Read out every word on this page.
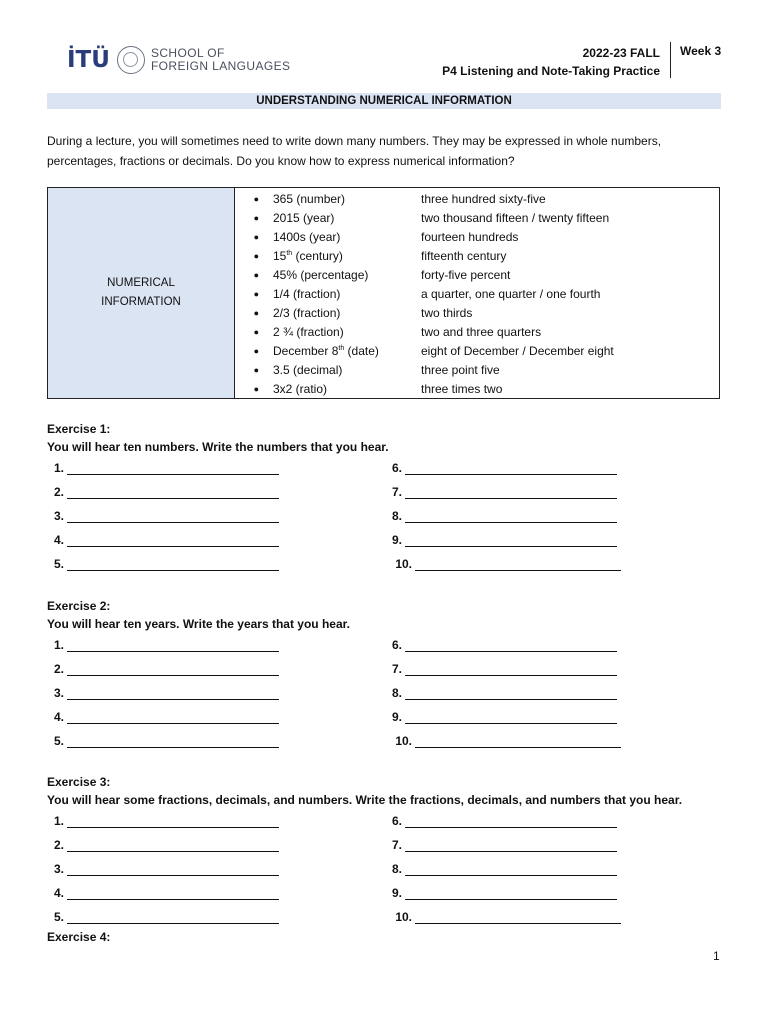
İTÜ	SCHOOL OF
FOREIGN LANGUAGES
2022-23 FALL
P4 Listening and Note-Taking Practice
Week 3
UNDERSTANDING NUMERICAL INFORMATION
During a lecture, you will sometimes need to write down many numbers. They may be expressed in whole numbers, percentages, fractions or decimals. Do you know how to express numerical information?
NUMERICAL
INFORMATION
●	365 (number)	three hundred sixty-five
●	2015 (year)	two thousand fifteen / twenty fifteen
●	1400s (year)	fourteen hundreds
●	15th (century)	fifteenth century
●	45% (percentage)	forty-five percent
●	1/4 (fraction)	a quarter, one quarter / one fourth
●	2/3 (fraction)	two thirds
●	2 ¾ (fraction)	two and three quarters
●	December 8th (date)	eight of December / December eight
●	3.5 (decimal)	three point five
●	3x2 (ratio)	three times two
Exercise 1:
You will hear ten numbers. Write the numbers that you hear.
1.
2.
3.
4.
5.
6.
7.
8.
9.
10.
Exercise 2:
You will hear ten years. Write the years that you hear.
1.
2.
3.
4.
5.
6.
7.
8.
9.
10.
Exercise 3:
You will hear some fractions, decimals, and numbers. Write the fractions, decimals, and numbers that you hear.
1.
2.
3.
4.
5.
6.
7.
8.
9.
10.
Exercise 4:
1
